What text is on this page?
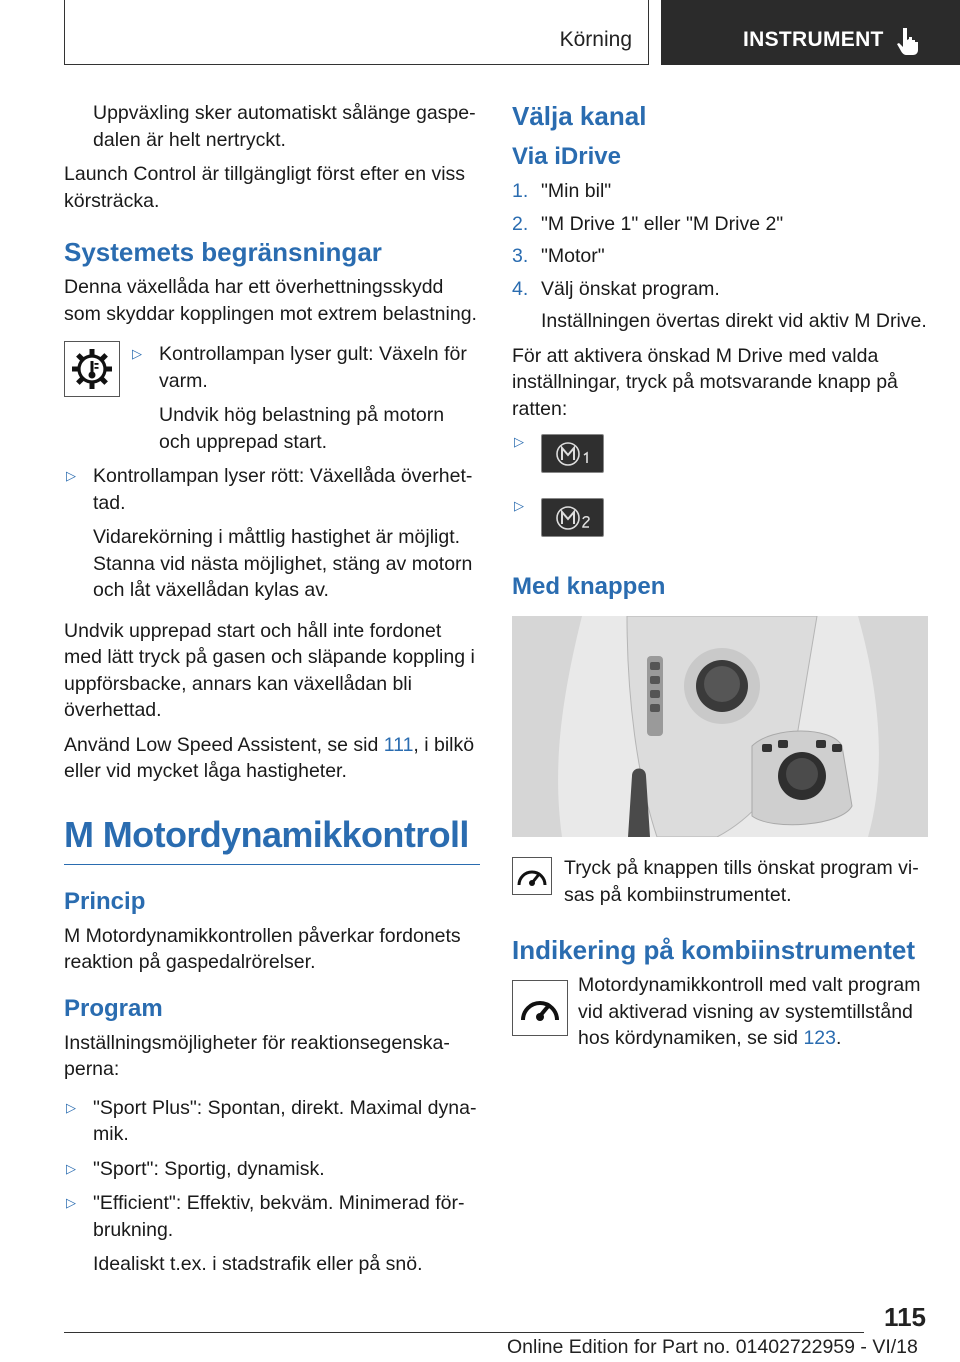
Körning	INSTRUMENT

Uppväxling sker automatiskt sålänge gaspedalen är helt nertryckt.

Launch Control är tillgängligt först efter en viss körsträcka.

Systemets begränsningar

Denna växellåda har ett överhettningsskydd som skyddar kopplingen mot extrem belastning.

▷ Kontrollampan lyser gult: Växeln för varm.
Undvik hög belastning på motorn och upprepad start.
▷ Kontrollampan lyser rött: Växellåda överhettad.
Vidarekörning i måttlig hastighet är möjligt. Stanna vid nästa möjlighet, stäng av motorn och låt växellådan kylas av.

Undvik upprepad start och håll inte fordonet med lätt tryck på gasen och släpande koppling i uppförsbacke, annars kan växellådan bli överhettad.

Använd Low Speed Assistent, se sid 111, i bilkö eller vid mycket låga hastigheter.

M Motordynamikkontroll
Princip

M Motordynamikkontrollen påverkar fordonets reaktion på gaspedalrörelser.

Program

Inställningsmöjligheter för reaktionsegenskaperna:

▷ "Sport Plus": Spontan, direkt. Maximal dynamik.
▷ "Sport": Sportig, dynamisk.
▷ "Efficient": Effektiv, bekväm. Minimerad förbrukning.
Idealiskt t.ex. i stadstrafik eller på snö.
Välja kanal
Via iDrive
1. "Min bil"
2. "M Drive 1" eller "M Drive 2"
3. "Motor"
4. Välj önskat program.
Inställningen övertas direkt vid aktiv M Drive.

För att aktivera önskad M Drive med valda inställningar, tryck på motsvarande knapp på ratten:

▷
▷
Med knappen

Tryck på knappen tills önskat program visas på kombiinstrumentet.

Indikering på kombiinstrumentet

Motordynamikkontroll med valt program vid aktiverad visning av systemtillstånd hos kördynamiken, se sid 123.

115
Online Edition for Part no. 01402722959 - VI/18
